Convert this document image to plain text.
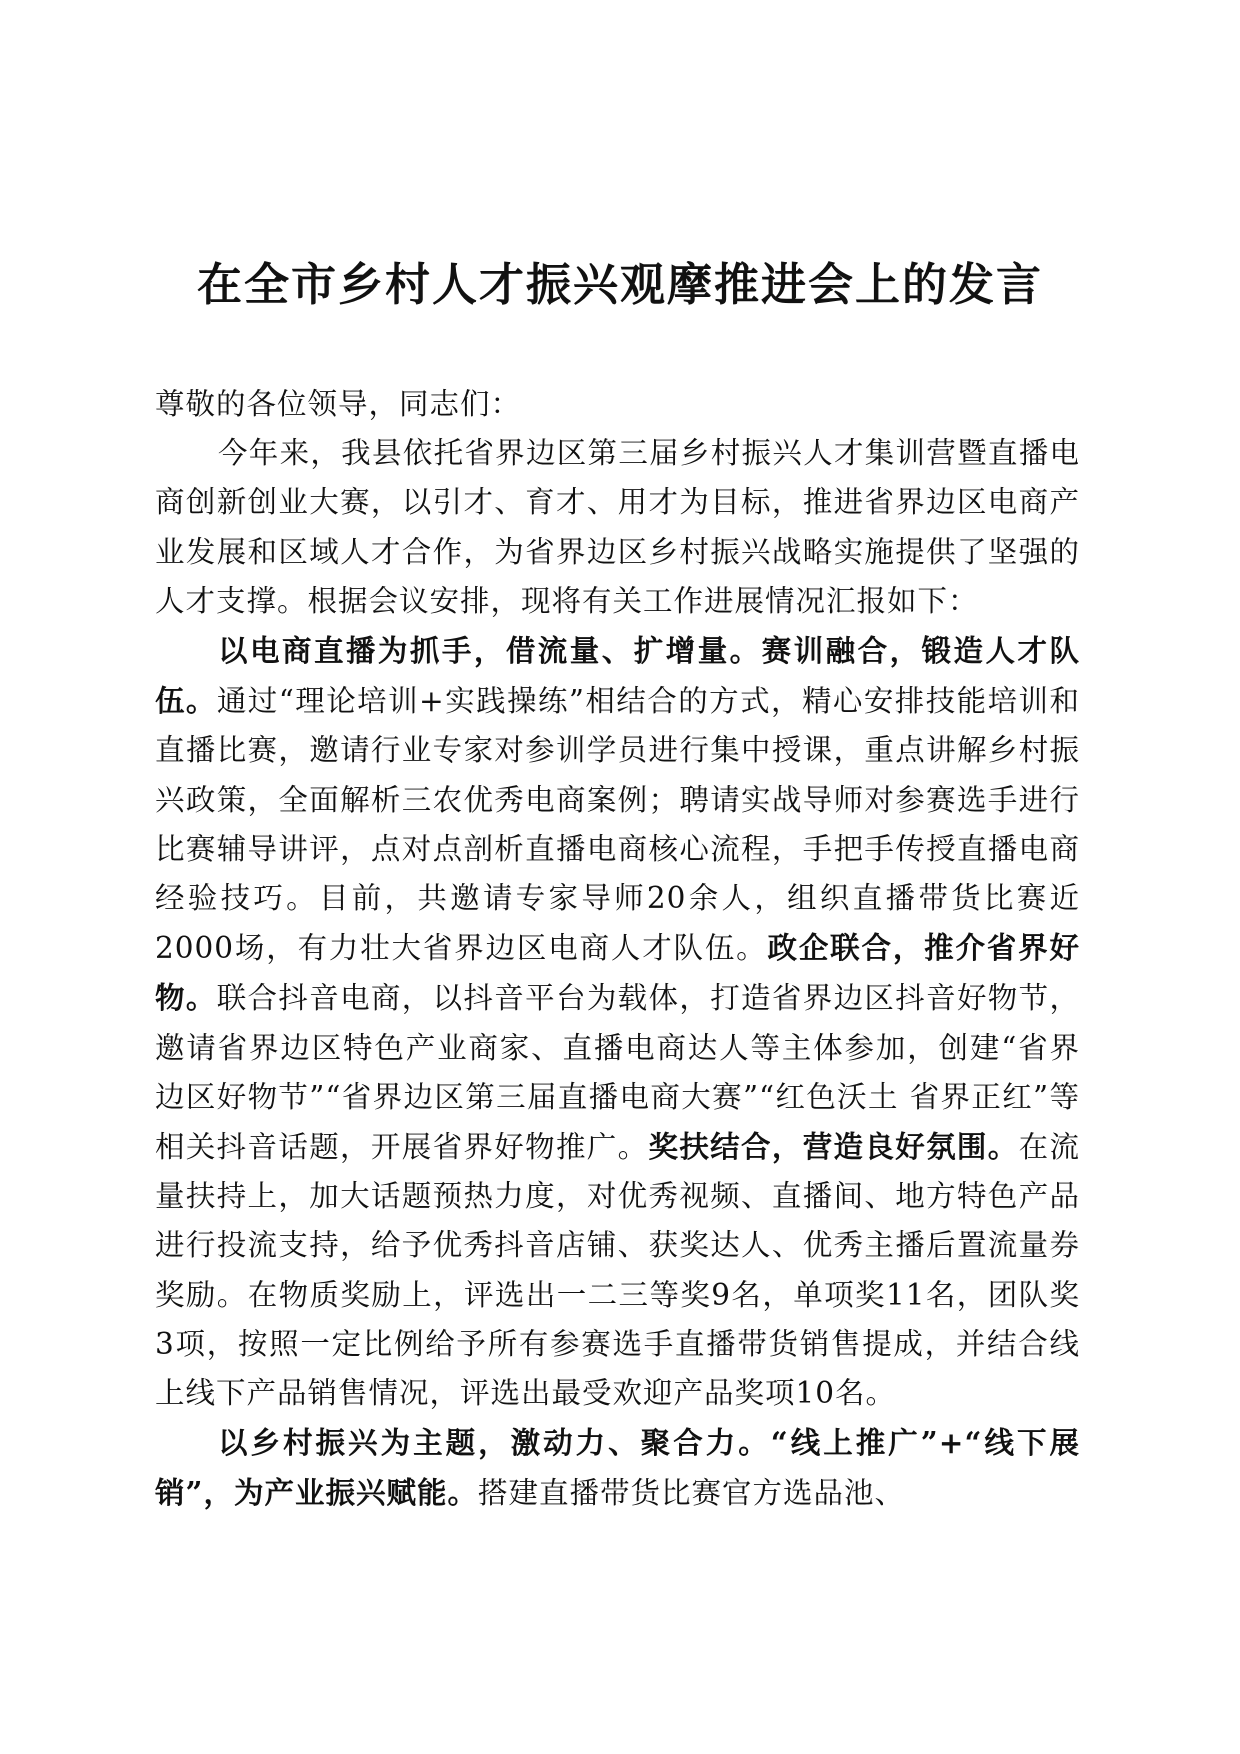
在全市乡村人才振兴观摩推进会上的发言

尊敬的各位领导，同志们：

今年来，我县依托省界边区第三届乡村振兴人才集训营暨直播电商创新创业大赛，以引才、育才、用才为目标，推进省界边区电商产业发展和区域人才合作，为省界边区乡村振兴战略实施提供了坚强的人才支撑。根据会议安排，现将有关工作进展情况汇报如下：

以电商直播为抓手，借流量、扩增量。赛训融合，锻造人才队伍。通过“理论培训+实践操练”相结合的方式，精心安排技能培训和直播比赛，邀请行业专家对参训学员进行集中授课，重点讲解乡村振兴政策，全面解析三农优秀电商案例；聘请实战导师对参赛选手进行比赛辅导讲评，点对点剖析直播电商核心流程，手把手传授直播电商经验技巧。目前，共邀请专家导师20余人，组织直播带货比赛近2000场，有力壮大省界边区电商人才队伍。政企联合，推介省界好物。联合抖音电商，以抖音平台为载体，打造省界边区抖音好物节，邀请省界边区特色产业商家、直播电商达人等主体参加，创建“省界边区好物节”“省界边区第三届直播电商大赛”“红色沃土 省界正红”等相关抖音话题，开展省界好物推广。奖扶结合，营造良好氛围。在流量扶持上，加大话题预热力度，对优秀视频、直播间、地方特色产品进行投流支持，给予优秀抖音店铺、获奖达人、优秀主播后置流量券奖励。在物质奖励上，评选出一二三等奖9名，单项奖11名，团队奖3项，按照一定比例给予所有参赛选手直播带货销售提成，并结合线上线下产品销售情况，评选出最受欢迎产品奖项10名。

以乡村振兴为主题，激动力、聚合力。“线上推广”+“线下展销”，为产业振兴赋能。搭建直播带货比赛官方选品池、
